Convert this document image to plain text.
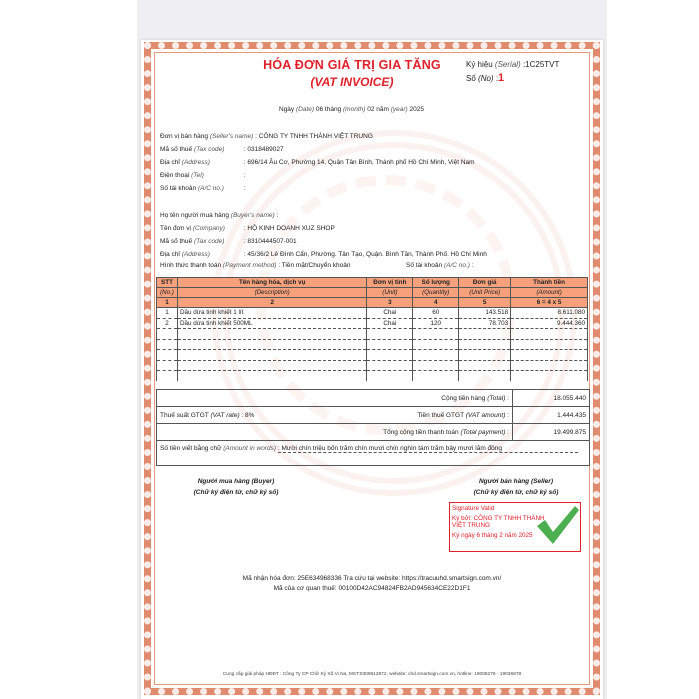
HÓA ĐƠN GIÁ TRỊ GIA TĂNG
(VAT INVOICE)
Ký hiệu (Serial) :1C25TVT
Số (No) :1
Ngày (Date) 06 tháng (month) 02 năm (year) 2025
Đơn vị bán hàng (Seller's name) : CÔNG TY TNHH THÀNH VIỆT TRUNG
Mã số thuế (Tax code)	: 0318489027
Địa chỉ (Address)	: 696/14 Âu Cơ, Phường 14, Quận Tân Bình, Thành phố Hồ Chí Minh, Việt Nam
Điện thoại (Tel)	:
Số tài khoản (A/C no.)	:
Họ tên người mua hàng (Buyer's name) :
Tên đơn vị (Company)	: HỘ KINH DOANH XUZ SHOP
Mã số thuế (Tax code)	: 8310444507-001
Địa chỉ (Address)	: 45/36/2 Lê Đình Cẩn, Phường. Tân Tạo, Quận. Bình Tân, Thành Phố. Hồ Chí Minh
Hình thức thanh toán (Payment method) : Tiền mặt/Chuyển khoản	Số tài khoản (A/C no.) :
STT	Tên hàng hóa, dịch vụ	Đơn vị tính	Số lượng	Đơn giá	Thành tiền
(No.)	(Description)	(Unit)	(Quantity)	(Unit Price)	(Amount)
1	2	3	4	5	6 = 4 x 5
1	Dầu dừa tinh khiết 1 lít	Chai	60	143.518	8.611.080
2	Dầu dừa tinh khiết 500ML	Chai	120	78.703	9.444.360

Cộng tiền hàng (Total) :	18.055.440
Thuế suất GTGT (VAT rate) : 8%	Tiền thuế GTGT (VAT amount) :	1.444.435
Tổng cộng tiền thanh toán (Total payment) :	19.499.875
Số tiền viết bằng chữ (Amount in words) : Mười chín triệu bốn trăm chín mươi chín nghìn tám trăm bảy mươi lăm đồng
Người mua hàng (Buyer)
(Chữ ký điện tử, chữ ký số)
Người bán hàng (Seller)
(Chữ ký điện tử, chữ ký số)
Signature Valid
Ký bởi: CÔNG TY TNHH THÀNH VIỆT TRUNG
Ký ngày 6 tháng 2 năm 2025
Mã nhận hóa đơn: 25E634968336 Tra cứu tại website: https://tracuuhd.smartsign.com.vn/
Mã của cơ quan thuế: 00100D42AC94824FB2AD945634CE22D1F1
Cung cấp giải pháp HĐĐT : Công Ty CP Chữ Ký Số Vi Na, MST:0309612872, website: chd.smartsign.com.vn, hotline: 19006276 - 19036878
